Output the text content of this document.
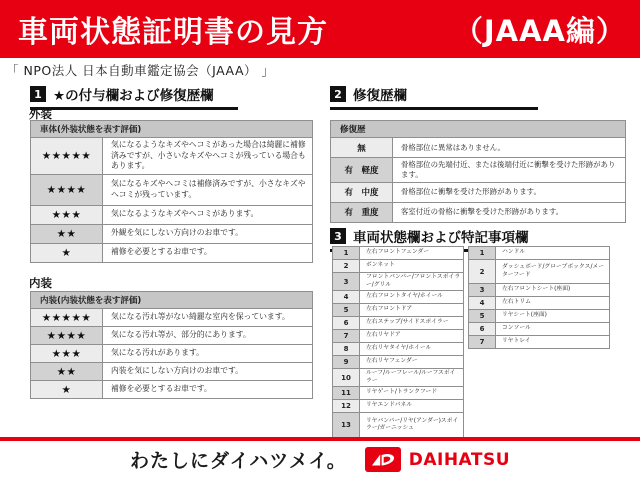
車両状態証明書の見方	（JAAA編）
「 NPO法人 日本自動車鑑定協会（JAAA） 」
1 ★の付与欄および修復歴欄
外装
車体(外装状態を表す評価)	
★★★★★	気になるようなキズやヘコミがあった場合は綺麗に補修済みですが、小さいなキズやヘコミが残っている場合もあります。
★★★★	気になるキズやヘコミは補修済みですが、小さなキズやヘコミが残っています。
★★★	気になるようなキズやヘコミがあります。
★★	外観を気にしない方向けのお車です。
★	補修を必要とするお車です。
内装
内装(内装状態を表す評価)	
★★★★★	気になる汚れ等がない綺麗な室内を保っています。
★★★★	気になる汚れ等が、部分的にあります。
★★★	気になる汚れがあります。
★★	内装を気にしない方向けのお車です。
★	補修を必要とするお車です。
2 修復歴欄
修復歴	
無	骨格部位に異常はありません。
有　軽度	骨格部位の先端付近、または後端付近に衝撃を受けた形跡があります。
有　中度	骨格部位に衝撃を受けた形跡があります。
有　重度	客室付近の骨格に衝撃を受けた形跡があります。
3 車両状態欄および特記事項欄
1	左右フロントフェンダー
2	ボンネット
3	フロントバンパー/フロントスポイラー/グリル
4	左右フロントタイヤ/ホイール
5	左右フロントドア
6	左右ステップ/サイドスポイラー
7	左右リヤドア
8	左右リヤタイヤ/ホイール
9	左右リヤフェンダー
10	ルーフ/ルーフレール/ルーフスポイラー
11	リヤゲート/トランクフード
12	リヤエンドパネル
13	リヤバンパー/リヤ(アンダー)スポイラー/ガーニッシュ
1	ハンドル
2	ダッシュボード/グローブボックス/メーターフード
3	左右フロントシート(座面)
4	左右トリム
5	リヤシート(座面)
6	コンソール
7	リヤトレイ
わたしにダイハツメイ。	DAIHATSU
